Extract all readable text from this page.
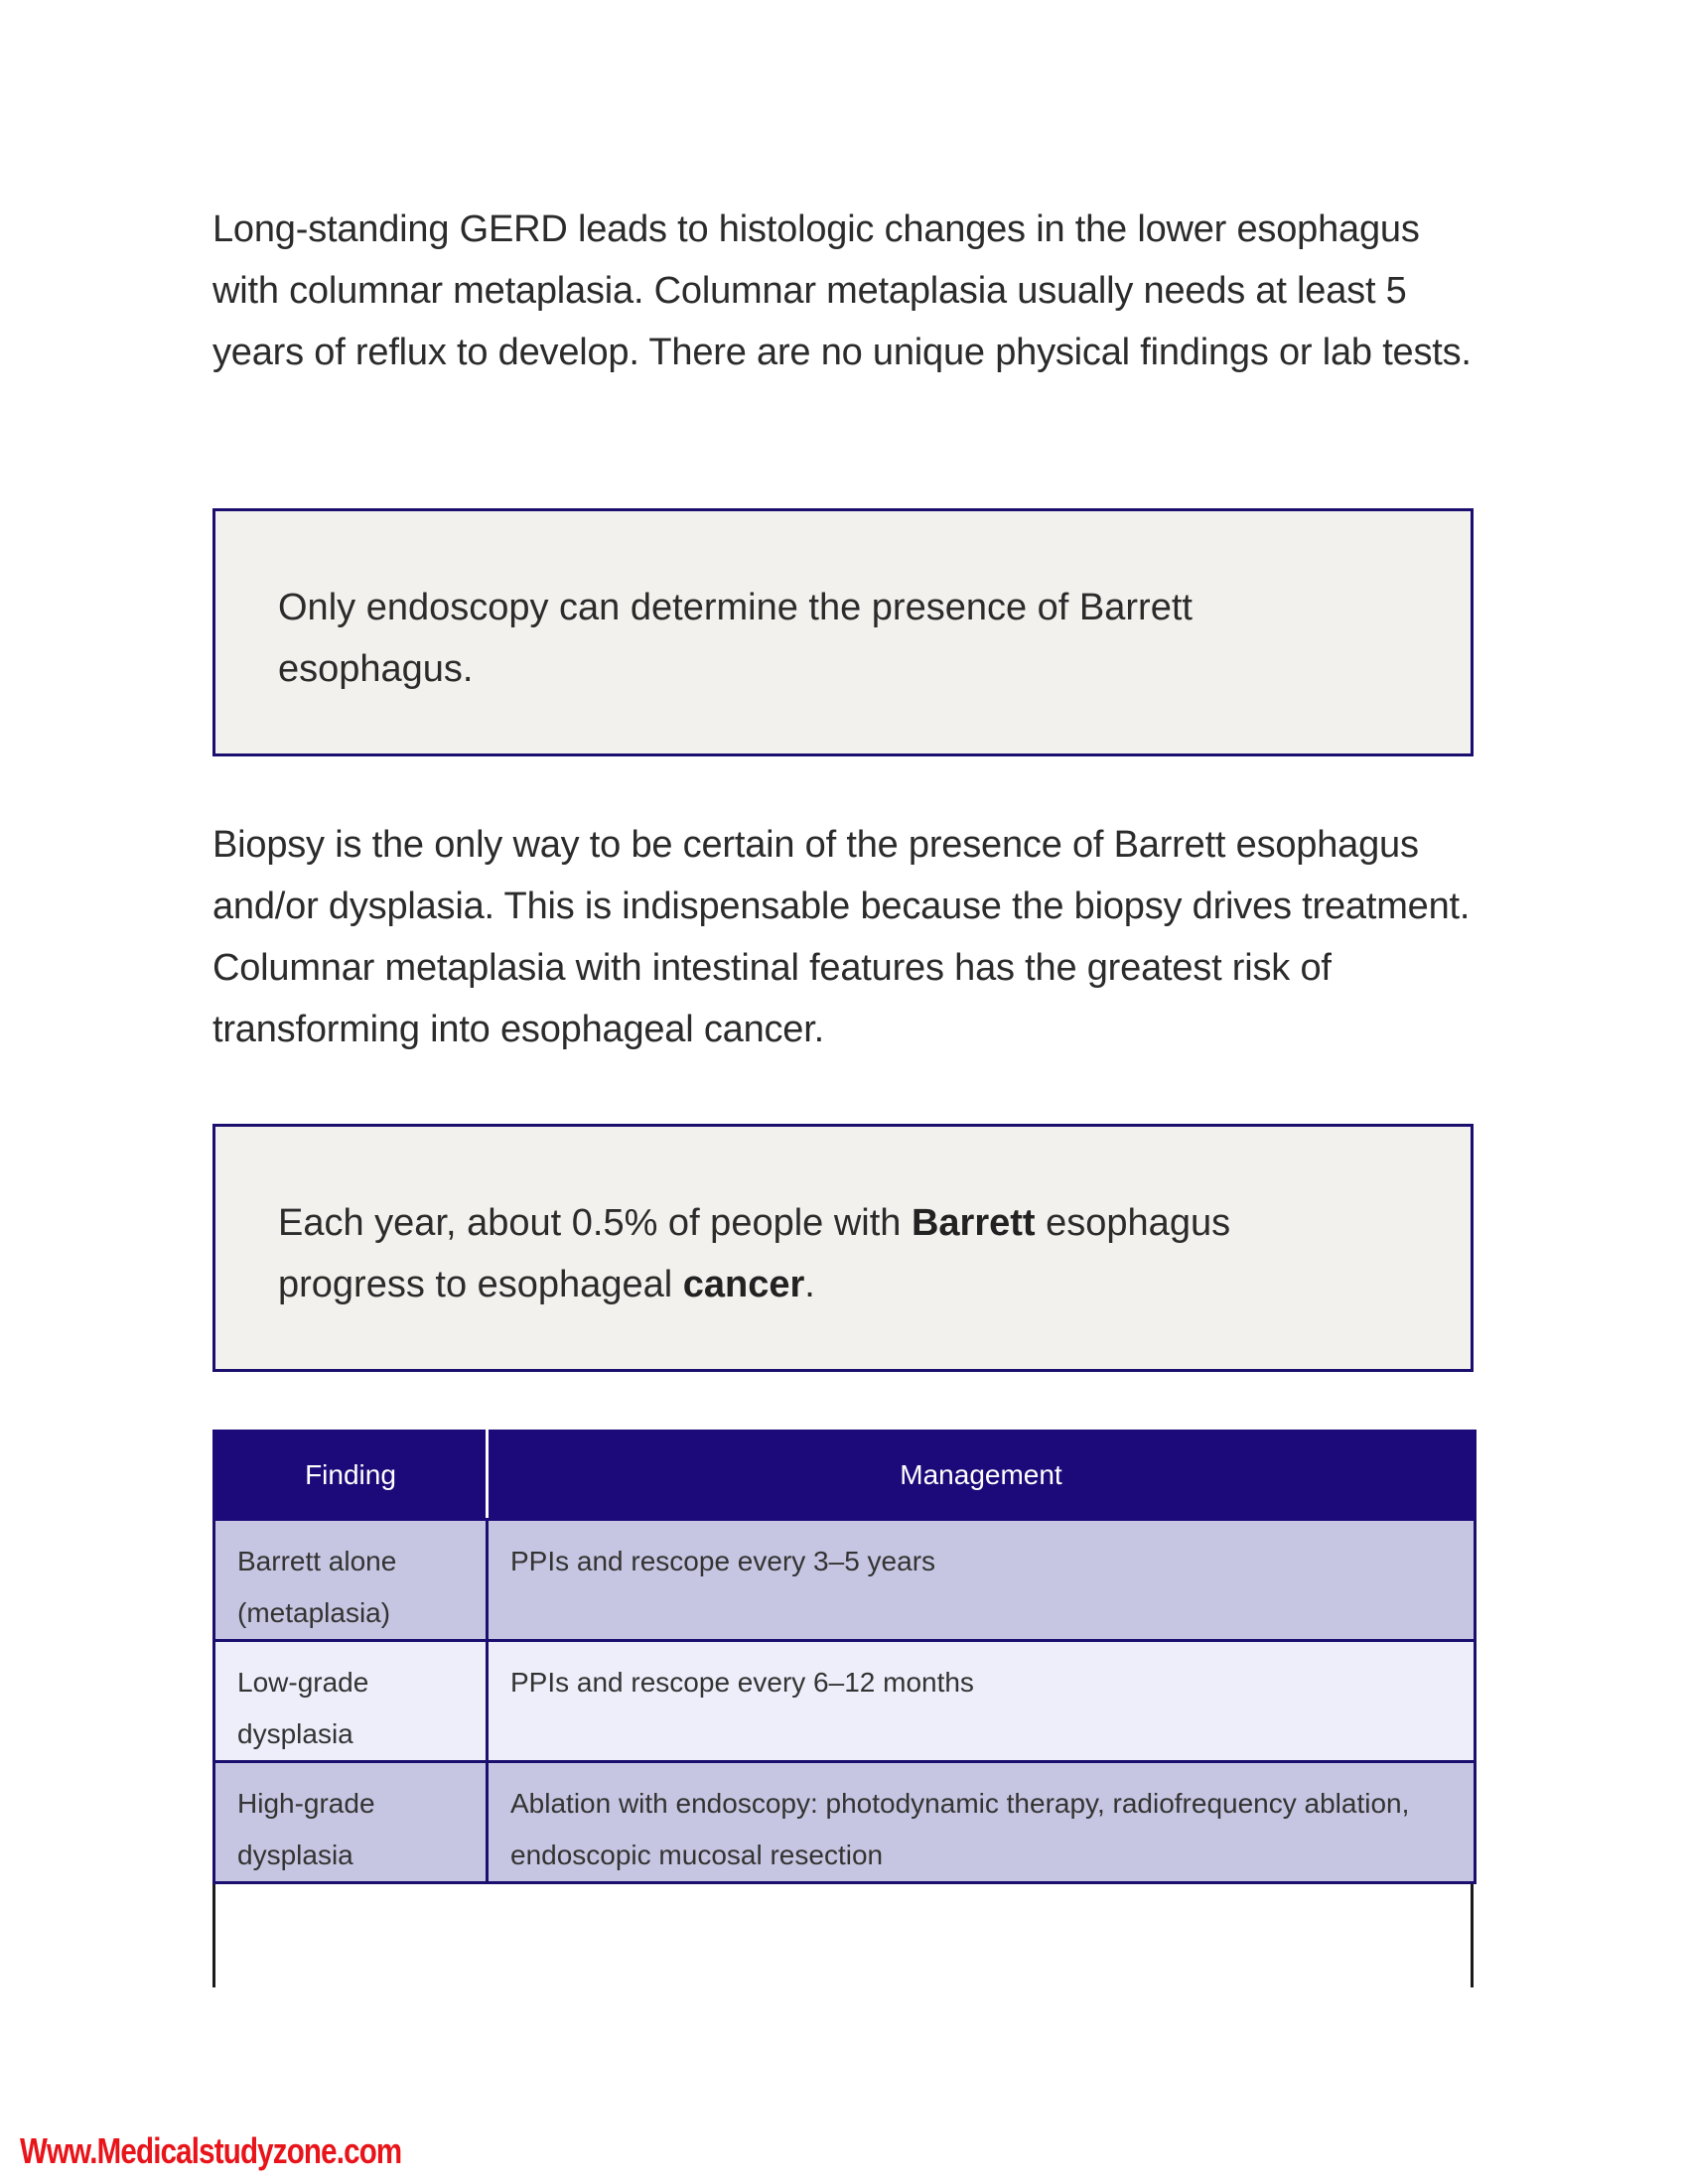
Long-standing GERD leads to histologic changes in the lower esophagus with columnar metaplasia. Columnar metaplasia usually needs at least 5 years of reflux to develop. There are no unique physical findings or lab tests.

Only endoscopy can determine the presence of Barrett esophagus.

Biopsy is the only way to be certain of the presence of Barrett esophagus and/or dysplasia. This is indispensable because the biopsy drives treatment. Columnar metaplasia with intestinal features has the greatest risk of transforming into esophageal cancer.

Each year, about 0.5% of people with Barrett esophagus progress to esophageal cancer.

Finding	Management
Barrett alone (metaplasia)	PPIs and rescope every 3–5 years
Low-grade dysplasia	PPIs and rescope every 6–12 months
High-grade dysplasia	Ablation with endoscopy: photodynamic therapy, radiofrequency ablation, endoscopic mucosal resection
Www.Medicalstudyzone.com
